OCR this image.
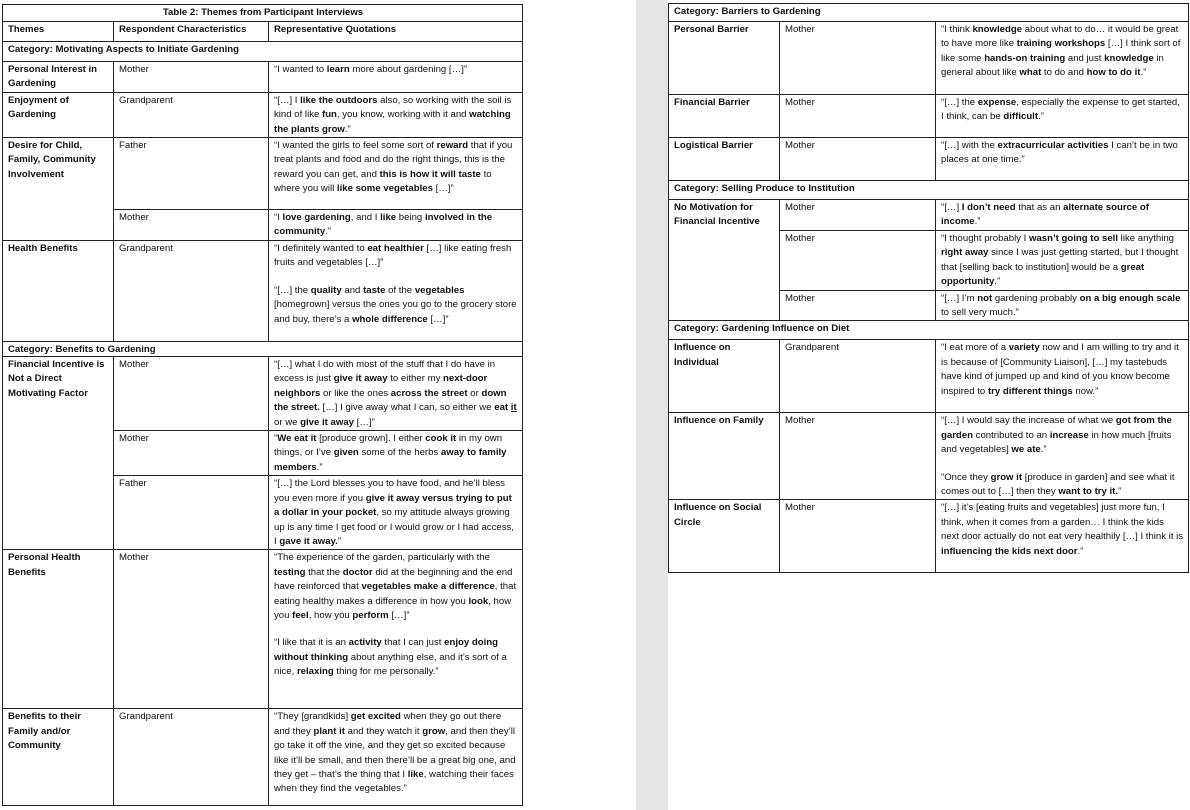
Table 2: Themes from Participant Interviews		
Themes	Respondent Characteristics	Representative Quotations
Category: Motivating Aspects to Initiate Gardening		
Personal Interest in Gardening	Mother	“I wanted to learn more about gardening […]”
Enjoyment of Gardening	Grandparent	“[…] I like the outdoors also, so working with the soil is kind of like fun, you know, working with it and watching the plants grow.”
Desire for Child, Family, Community Involvement	Father	“I wanted the girls to feel some sort of reward that if you treat plants and food and do the right things, this is the reward you can get, and this is how it will taste to where you will like some vegetables […]”
	Mother	“I love gardening, and I like being involved in the community.”
Health Benefits	Grandparent	“I definitely wanted to eat healthier […] like eating fresh fruits and vegetables […]”
“[…] the quality and taste of the vegetables [homegrown] versus the ones you go to the grocery store and buy, there’s a whole difference […]”

Category: Benefits to Gardening		
Financial Incentive is Not a Direct Motivating Factor	Mother	“[…] what I do with most of the stuff that I do have in excess is just give it away to either my next-door neighbors or like the ones across the street or down the street. […] I give away what I can, so either we eat it or we give it away […]”
	Mother	“We eat it [produce grown]. I either cook it in my own things, or I’ve given some of the herbs away to family members.”
	Father	“[…] the Lord blesses you to have food, and he’ll bless you even more if you give it away versus trying to put a dollar in your pocket, so my attitude always growing up is any time I get food or I would grow or I had access, I gave it away.”
Personal Health Benefits	Mother	“The experience of the garden, particularly with the testing that the doctor did at the beginning and the end have reinforced that vegetables make a difference, that eating healthy makes a difference in how you look, how you feel, how you perform […]”
“I like that it is an activity that I can just enjoy doing without thinking about anything else, and it’s sort of a nice, relaxing thing for me personally.”

Benefits to their Family and/or Community	Grandparent	“They [grandkids] get excited when they go out there and they plant it and they watch it grow, and then they’ll go take it off the vine, and they get so excited because like it’ll be small, and then there’ll be a great big one, and they get – that’s the thing that I like, watching their faces when they find the vegetables.”
Category: Barriers to Gardening		
Personal Barrier	Mother	“I think knowledge about what to do… it would be great to have more like training workshops […] I think sort of like some hands-on training and just knowledge in general about like what to do and how to do it.”
Financial Barrier	Mother	“[…] the expense, especially the expense to get started, I think, can be difficult.”
Logistical Barrier	Mother	“[…] with the extracurricular activities I can’t be in two places at one time.”
Category: Selling Produce to Institution		
No Motivation for Financial Incentive	Mother	“[…] I don’t need that as an alternate source of income.”
	Mother	“I thought probably I wasn’t going to sell like anything right away since I was just getting started, but I thought that [selling back to institution] would be a great opportunity.”
	Mother	“[…] I’m not gardening probably on a big enough scale to sell very much.”
Category: Gardening Influence on Diet		
Influence on Individual	Grandparent	“I eat more of a variety now and I am willing to try and it is because of [Community Liaison], […] my tastebuds have kind of jumped up and kind of you know become inspired to try different things now.”
Influence on Family	Mother	“[…] I would say the increase of what we got from the garden contributed to an increase in how much [fruits and vegetables] we ate.”
“Once they grow it [produce in garden] and see what it comes out to […] then they want to try it.”

Influence on Social Circle	Mother	“[…] it’s [eating fruits and vegetables] just more fun, I think, when it comes from a garden… I think the kids next door actually do not eat very healthily […] I think it is influencing the kids next door.”
